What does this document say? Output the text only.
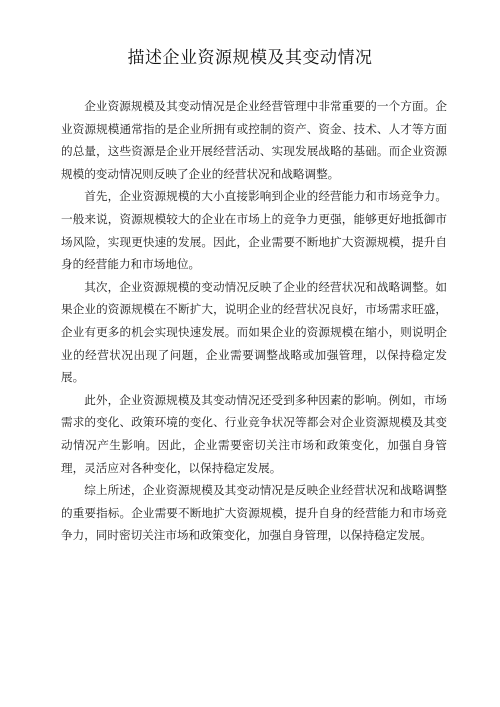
描述企业资源规模及其变动情况

企业资源规模及其变动情况是企业经营管理中非常重要的一个方面。企业资源规模通常指的是企业所拥有或控制的资产、资金、技术、人才等方面的总量，这些资源是企业开展经营活动、实现发展战略的基础。而企业资源规模的变动情况则反映了企业的经营状况和战略调整。

首先，企业资源规模的大小直接影响到企业的经营能力和市场竞争力。一般来说，资源规模较大的企业在市场上的竞争力更强，能够更好地抵御市场风险，实现更快速的发展。因此，企业需要不断地扩大资源规模，提升自身的经营能力和市场地位。

其次，企业资源规模的变动情况反映了企业的经营状况和战略调整。如果企业的资源规模在不断扩大，说明企业的经营状况良好，市场需求旺盛，企业有更多的机会实现快速发展。而如果企业的资源规模在缩小，则说明企业的经营状况出现了问题，企业需要调整战略或加强管理，以保持稳定发展。

此外，企业资源规模及其变动情况还受到多种因素的影响。例如，市场需求的变化、政策环境的变化、行业竞争状况等都会对企业资源规模及其变动情况产生影响。因此，企业需要密切关注市场和政策变化，加强自身管理，灵活应对各种变化，以保持稳定发展。

综上所述，企业资源规模及其变动情况是反映企业经营状况和战略调整的重要指标。企业需要不断地扩大资源规模，提升自身的经营能力和市场竞争力，同时密切关注市场和政策变化，加强自身管理，以保持稳定发展。
